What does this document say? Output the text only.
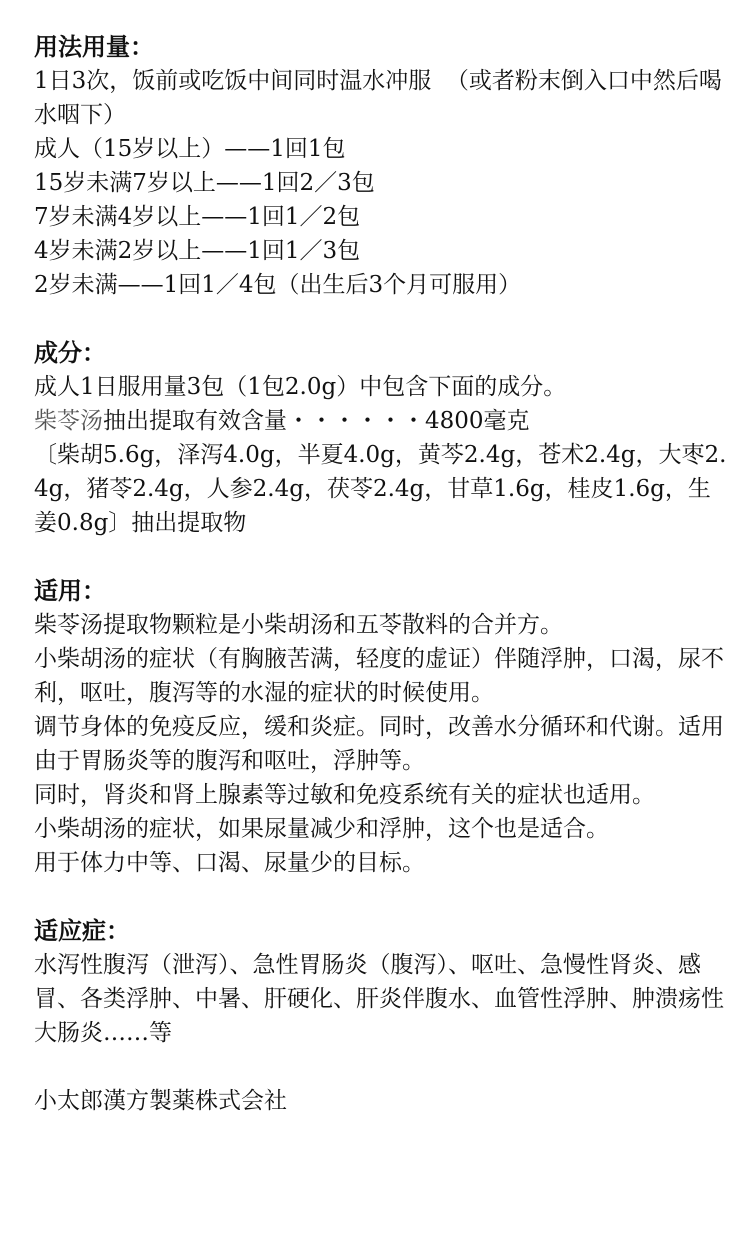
用法用量：

1日3次，饭前或吃饭中间同时温水冲服  （或者粉末倒入口中然后喝水咽下）

成人（15岁以上）——1回1包

15岁未满7岁以上——1回2／3包

7岁未满4岁以上——1回1／2包

4岁未满2岁以上——1回1／3包

2岁未满——1回1／4包（出生后3个月可服用）

成分：

成人1日服用量3包（1包2.0g）中包含下面的成分。

柴苓汤抽出提取有效含量・・・・・・4800毫克

〔柴胡5.6g，泽泻4.0g，半夏4.0g，黄芩2.4g，苍术2.4g，大枣2.4g，猪苓2.4g，人参2.4g，茯苓2.4g，甘草1.6g，桂皮1.6g，生姜0.8g〕抽出提取物

适用：

柴苓汤提取物颗粒是小柴胡汤和五苓散料的合并方。

小柴胡汤的症状（有胸腋苦满，轻度的虚证）伴随浮肿，口渴，尿不利，呕吐，腹泻等的水湿的症状的时候使用。

调节身体的免疫反应，缓和炎症。同时，改善水分循环和代谢。适用由于胃肠炎等的腹泻和呕吐，浮肿等。

同时，肾炎和肾上腺素等过敏和免疫系统有关的症状也适用。

小柴胡汤的症状，如果尿量减少和浮肿，这个也是适合。

用于体力中等、口渴、尿量少的目标。

适应症：

水泻性腹泻（泄泻）、急性胃肠炎（腹泻）、呕吐、急慢性肾炎、感冒、各类浮肿、中暑、肝硬化、肝炎伴腹水、血管性浮肿、肿溃疡性大肠炎……等

小太郎漢方製薬株式会社
